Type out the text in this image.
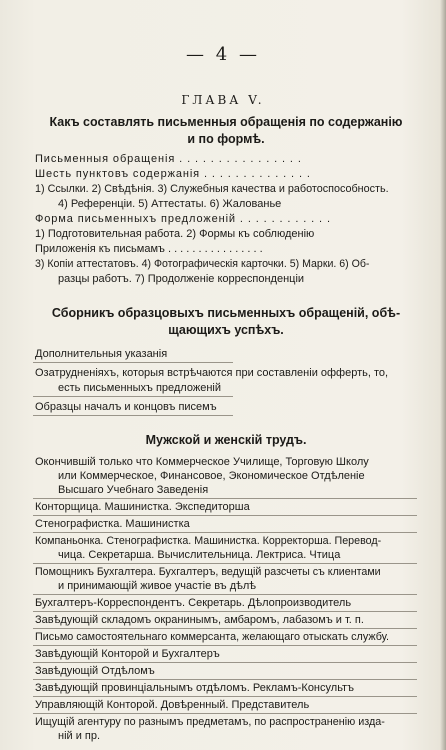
— 4 —
ГЛАВА V.
Какъ составлять письменныя обращенія по содержанію
и по формѣ.
Письменныя обращенія . . . . . . . . . . . . . . . .
Шесть пунктовъ содержанія . . . . . . . . . . . . . .
1) Ссылки. 2) Свѣдѣнія. 3) Служебныя качества и работоспособность.
4) Референціи. 5) Аттестаты. 6) Жалованье
Форма письменныхъ предложеній . . . . . . . . . . . .
1) Подготовительная работа. 2) Формы къ соблюденію
Приложенія къ письмамъ . . . . . . . . . . . . . . . .
3) Копіи аттестатовъ. 4) Фотографическія карточки. 5) Марки. 6) Об-
разцы работъ. 7) Продолженіе корреспонденціи
Сборникъ образцовыхъ письменныхъ обращеній, обѣ-
щающихъ успѣхъ.
Дополнительныя указанія
Озатрудненіяхъ, которыя встрѣчаются при составленіи офферть, то,
есть письменныхъ предложеній
Образцы началъ и концовъ писемъ
Мужской и женскій трудъ.
Окончившій только что Коммерческое Училище, Торговую Школу
или Коммерческое, Финансовое, Экономическое Отдѣленіе
Высшаго Учебнаго Заведенія
Конторщица. Машинистка. Экспедиторша
Стенографистка. Машинистка
Компаньонка. Стенографистка. Машинистка. Корректорша. Перевод-
чица. Секретарша. Вычислительница. Лектриса. Чтица
Помощникъ Бухгалтера. Бухгалтеръ, ведущій разсчеты съ клиентами
и принимающій живое участіе въ дѣлѣ
Бухгалтеръ-Корреспондентъ. Секретарь. Дѣлопроизводитель
Завѣдующій складомъ окранинымъ, амбаромъ, лабазомъ и т. п.
Письмо самостоятельнаго коммерсанта, желающаго отыскать службу.
Завѣдующій Конторой и Бухгалтеръ
Завѣдующій Отдѣломъ
Завѣдующій провинціальнымъ отдѣломъ. Рекламъ-Консультъ
Управляющій Конторой. Довѣренный. Представитель
Ищущій агентуру по разнымъ предметамъ, по распространенію изда-
ній и пр.
